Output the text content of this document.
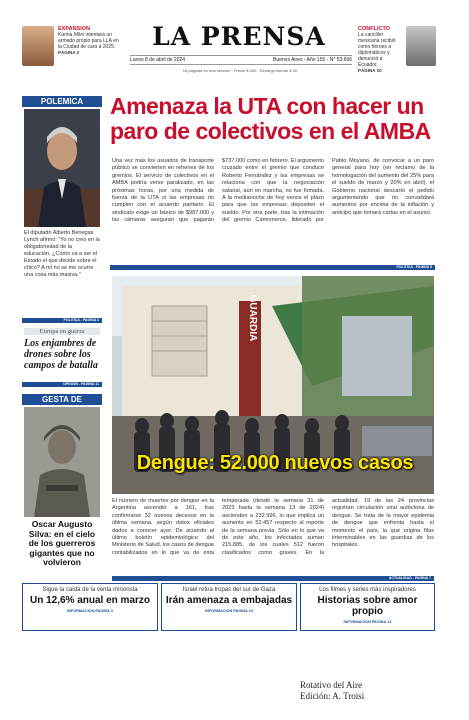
EXPANSION
Karina Milei intentará un armado propio para LLA en la Ciudad de cara a 2025.
PÁGINA 2
LA PRENSA
Lunes 8 de abril de 2024	Buenos Aires - Año 155 - N° 53.696
16 páginas en una sección - Precio $ 400 - Recargo interior $ 30
CONFLICTO
La canciller mexicana recibió como héroes a diplomáticos y denunció a Ecuador.
PÁGINA 10
POLEMICA
El diputado Alberto Benegas Lynch afirmó: "Yo no creo en la obligatoriedad de la educación. ¿Cómo va a ser el Estado el que decide sobre el chico? A mí no se me ocurre una cosa más masiva."
POLITICA - PAGINA 3
Europa en guerra
Los enjambres de drones sobre los campos de batalla
OPINION - PAGINA 11
GESTA DE
Oscar Augusto Silva: en el cielo de los guerreros gigantes que no volvieron
Amenaza la UTA con hacer un paro de colectivos en el AMBA
Una vez más los usuarios de transporte público se convierten en rehenes de los gremios. El servicio de colectivos en el AMBA podría verse paralizado, en las próximas horas, por una medida de fuerza de la UTA si las empresas no cumplen con el acuerdo paritario. El sindicato exige un básico de $987.000 y las cámaras aseguran que pagarán $737.000 como en febrero. El argumento cruzado entre el gremio que conduce Roberto Fernández y las empresas se relaciona con que la negociación salarial, aún en marcha, no fue firmada. A la medianoche de hoy vence el plazo para que las empresas depositen el sueldo. Por otra parte, tras la intimación del gremio Camioneros, liderado por Pablo Moyano, de convocar a un paro general para hoy (en reclamo de la homologación del aumento del 25% para el sueldo de marzo y 20% en abril), el Gobierno nacional descartó el pedido argumentando que no convalidará aumentos por encima de la inflación y anticipó que tomará cartas en el asunto.
POLITICA - PAGINA 5
GUARDIA
Dengue: 52.000 nuevos casos
El número de muertes por dengue en la Argentina ascendió a 161, tras confirmarse 32 nuevos decesos en la última semana, según datos oficiales dados a conocer ayer. De acuerdo al último boletín epidemiológico del Ministerio de Salud, los casos de dengue contabilizados en lo que va de esta temporada (desde la semana 31 de 2023 hasta la semana 13 de 2024) ascienden a 232.996, lo que implica un aumento en 52.457 respecto al reporte de la semana previa. Sólo en lo que va de este año, los infectados suman 215.885, de los cuales 512 fueron clasificados como graves. En la actualidad, 19 de las 24 provincias registran circulación viral autóctona de dengue. Se trata de la mayor epidemia de dengue que enfrenta hasta el momento el país, la que origina filas interminables en las guardias de los hospitales.
ACTUALIDAD - PAGINA 7
Sigue la caída de la venta minorista
Un 12,6% anual en marzo
INFORMACION PAGINA 3
Israel retira tropas del sur de Gaza
Irán amenaza a embajadas
INFORMACION PAGINA 10
Los filmes y series más inspiradores
Historias sobre amor propio
INFORMACION PAGINA 12
Rotativo del Aire
Edición: A. Troisi
